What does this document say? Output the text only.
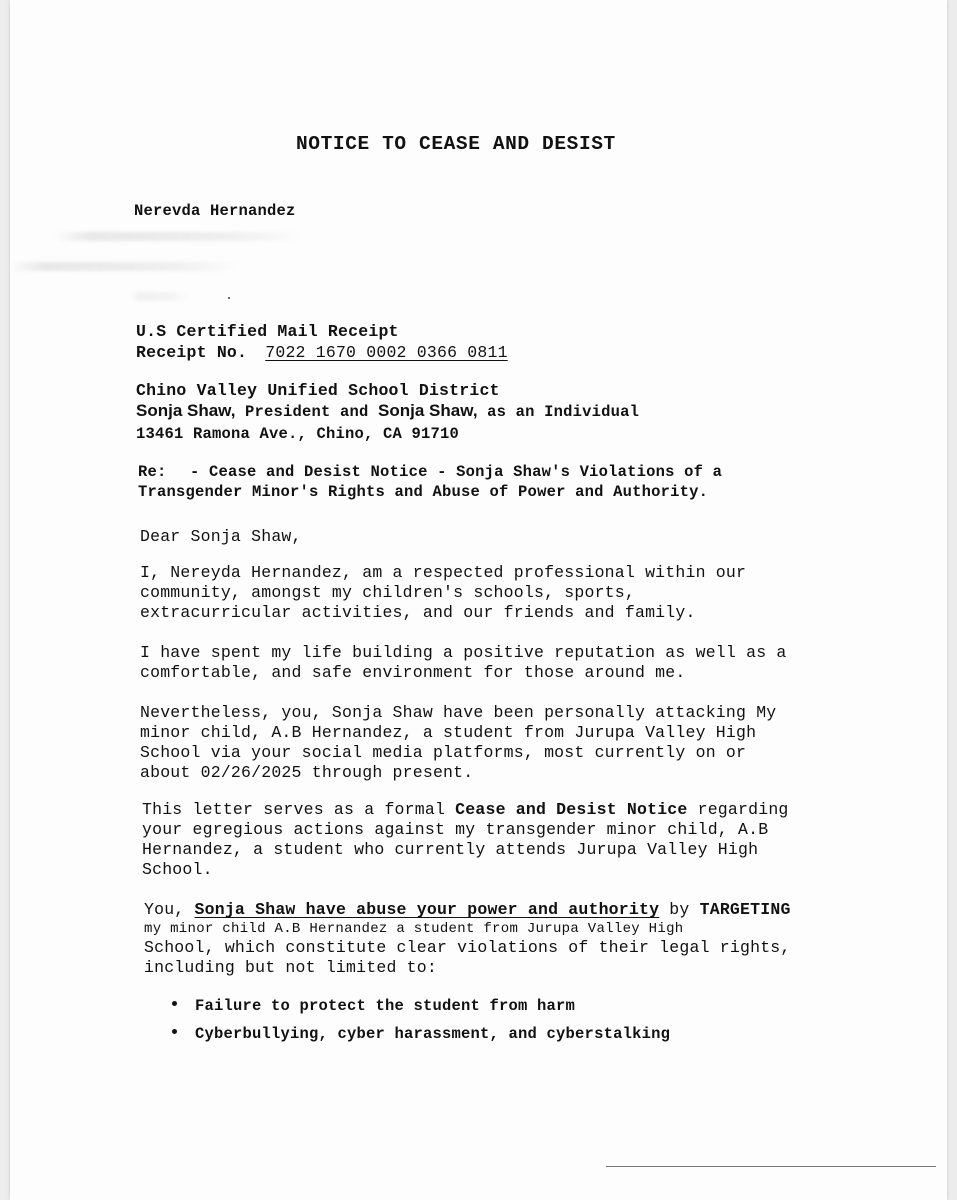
NOTICE TO CEASE AND DESIST
Nerevda Hernandez
U.S Certified Mail Receipt
Receipt No. 7022 1670 0002 0366 0811
Chino Valley Unified School District
Sonja Shaw, President and Sonja Shaw, as an Individual
13461 Ramona Ave., Chino, CA 91710
Re: - Cease and Desist Notice - Sonja Shaw's Violations of a
Transgender Minor's Rights and Abuse of Power and Authority.
Dear Sonja Shaw,
I, Nereyda Hernandez, am a respected professional within our
community, amongst my children's schools, sports,
extracurricular activities, and our friends and family.
I have spent my life building a positive reputation as well as a
comfortable, and safe environment for those around me.
Nevertheless, you, Sonja Shaw have been personally attacking My
minor child, A.B Hernandez, a student from Jurupa Valley High
School via your social media platforms, most currently on or
about 02/26/2025 through present.
This letter serves as a formal Cease and Desist Notice regarding
your egregious actions against my transgender minor child, A.B
Hernandez, a student who currently attends Jurupa Valley High
School.
You, Sonja Shaw have abuse your power and authority by TARGETING
my minor child A.B Hernandez a student from Jurupa Valley High
School, which constitute clear violations of their legal rights,
including but not limited to:
Failure to protect the student from harm
Cyberbullying, cyber harassment, and cyberstalking
